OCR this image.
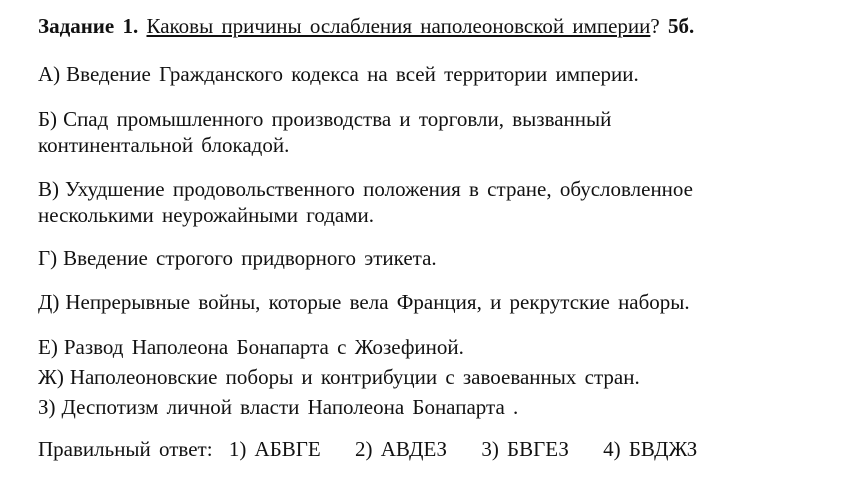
Задание 1. Каковы причины ослабления наполеоновской империи? 5б.
А) Введение Гражданского кодекса на всей территории империи.
Б) Спад промышленного производства и торговли, вызванный
континентальной блокадой.
В) Ухудшение продовольственного положения в стране, обусловленное
несколькими неурожайными годами.
Г) Введение строгого придворного этикета.
Д) Непрерывные войны, которые вела Франция, и рекрутские наборы.
Е) Развод Наполеона Бонапарта с Жозефиной.
Ж) Наполеоновские поборы и контрибуции с завоеванных стран.
З) Деспотизм личной власти Наполеона Бонапарта .
Правильный ответ: 1) АБВГЕ 2) АВДЕЗ 3) БВГЕЗ 4) БВДЖЗ
